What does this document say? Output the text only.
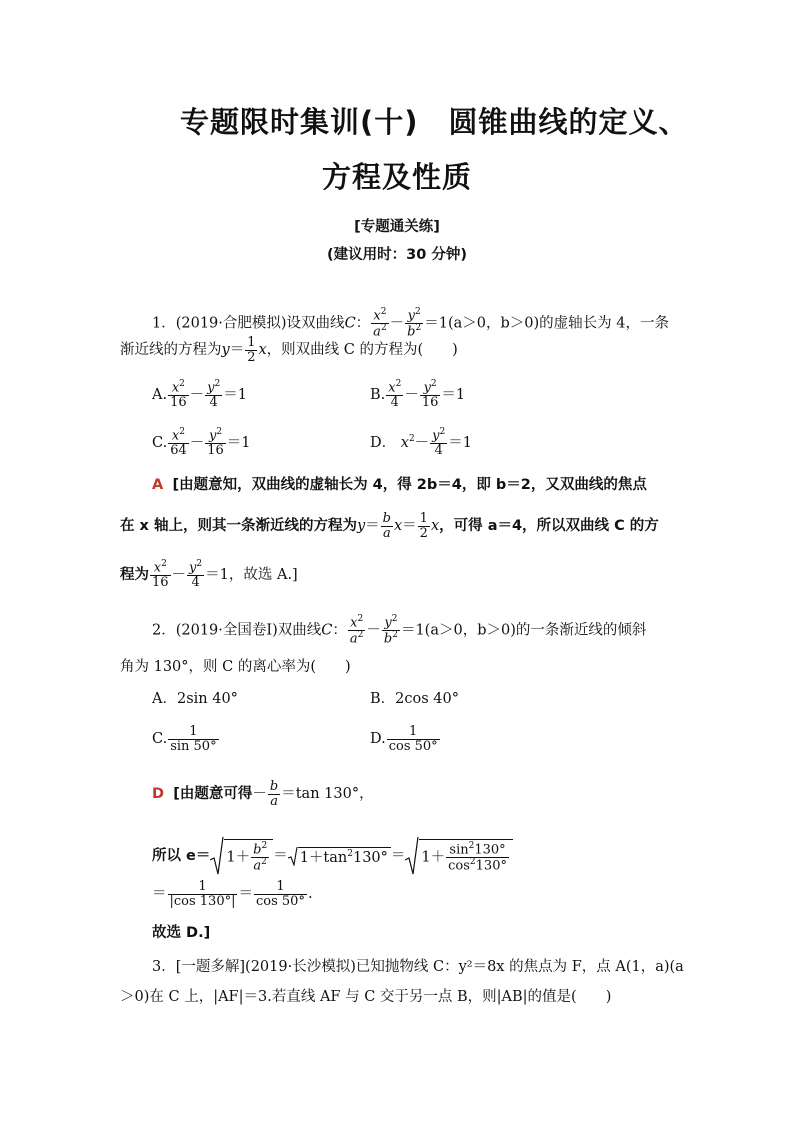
专题限时集训(十)　圆锥曲线的定义、
方程及性质
[专题通关练]
(建议用时：30 分钟)
1．(2019·合肥模拟)设双曲线C： $\frac{x^2}{a^2} - \frac{y^2}{b^2} =1(a>0$，b＞0)的虚轴长为 4，一条
渐近线的方程为$y= \frac{1}{2}$ x，则双曲线 C 的方程为(　　)
A. $\frac{x^2}{16} - \frac{y^2}{4} =1$	B. $\frac{x^2}{4} - \frac{y^2}{16} =1$
C. $\frac{x^2}{64} - \frac{y^2}{16} =1$	D． $x^2- \frac{y^2}{4} =1$
A [由题意知，双曲线的虚轴长为 4，得 2b＝4，即 b＝2，又双曲线的焦点
在 x 轴上，则其一条渐近线的方程为$y= \frac{b}{a} x= \frac{1}{2}$ x，可得 a＝4，所以双曲线 C 的方
程为 $\frac{x^2}{16} - \frac{y^2}{4} =1$，故选 A.]
2．(2019·全国卷Ⅰ)双曲线C： $\frac{x^2}{a^2} - \frac{y^2}{b^2} =1(a>0$，b＞0)的一条渐近线的倾斜
角为 130°，则 C 的离心率为(　　)
A．2sin 40°	B．2cos 40°
C. $\frac{1}{\sin 50^\circ}$	D. $\frac{1}{\cos 50^\circ}$
D [由题意可得－ $\frac{b}{a} =\tan$ 130°，
所以 $e= 1+ \frac{b^2}{a^2} = 1+\tan^2130^\circ = 1+ \frac{\sin^2130^\circ}{\cos^2130^\circ}$
＝ $\frac{1}{|\cos 130^\circ|} = \frac{1}{\cos 50^\circ}$ .
故选 D.]
3．[一题多解](2019·长沙模拟)已知抛物线 C：y²＝8x 的焦点为 F，点 A(1，a)(a
＞0)在 C 上，|AF|＝3.若直线 AF 与 C 交于另一点 B，则|AB|的值是(　　)
